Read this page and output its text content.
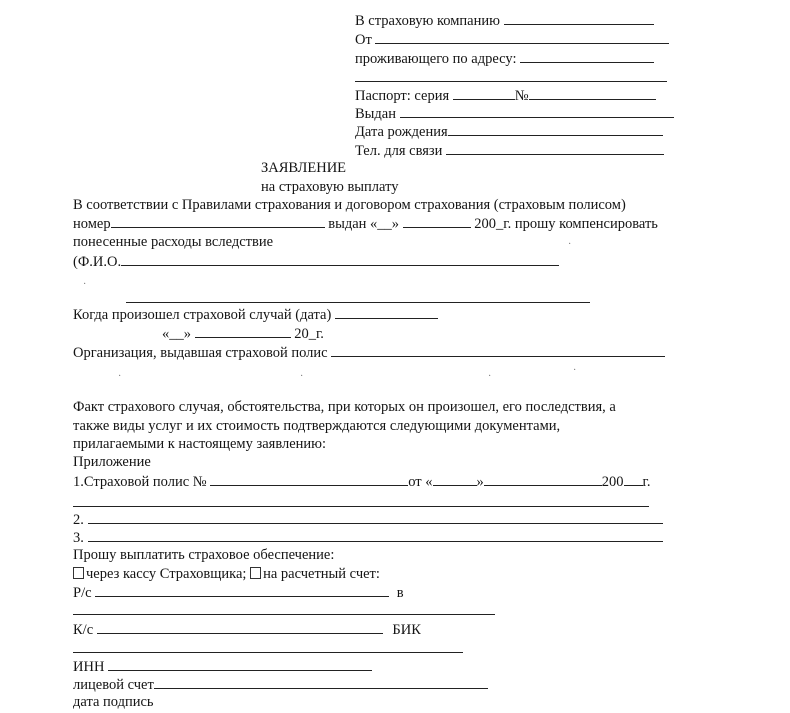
В страховую компанию
От
проживающего по адресу:
Паспорт: серия	№
Выдан
Дата рождения
Тел. для связи
ЗАЯВЛЕНИЕ
на страховую выплату
В соответствии с Правилами страхования и договором страхования (страховым полисом)
номер	выдан «__»	200_г. прошу компенсировать
понесенные расходы вследствие
(Ф.И.О.
Когда произошел страховой случай (дата)
«__»	20_г.
Организация, выдавшая страховой полис
·
·
·	·	·
·
Факт страхового случая, обстоятельства, при которых он произошел, его последствия, а
также виды услуг и их стоимость подтверждаются следующими документами,
прилагаемыми к настоящему заявлению:
Приложение
1.Страховой полис №	от «	»	200 г.
2.
3.
Прошу выплатить страховое обеспечение:
через кассу Страховщика; на расчетный счет:
Р/с	в
К/с	БИК
ИНН
лицевой счет
дата подпись
